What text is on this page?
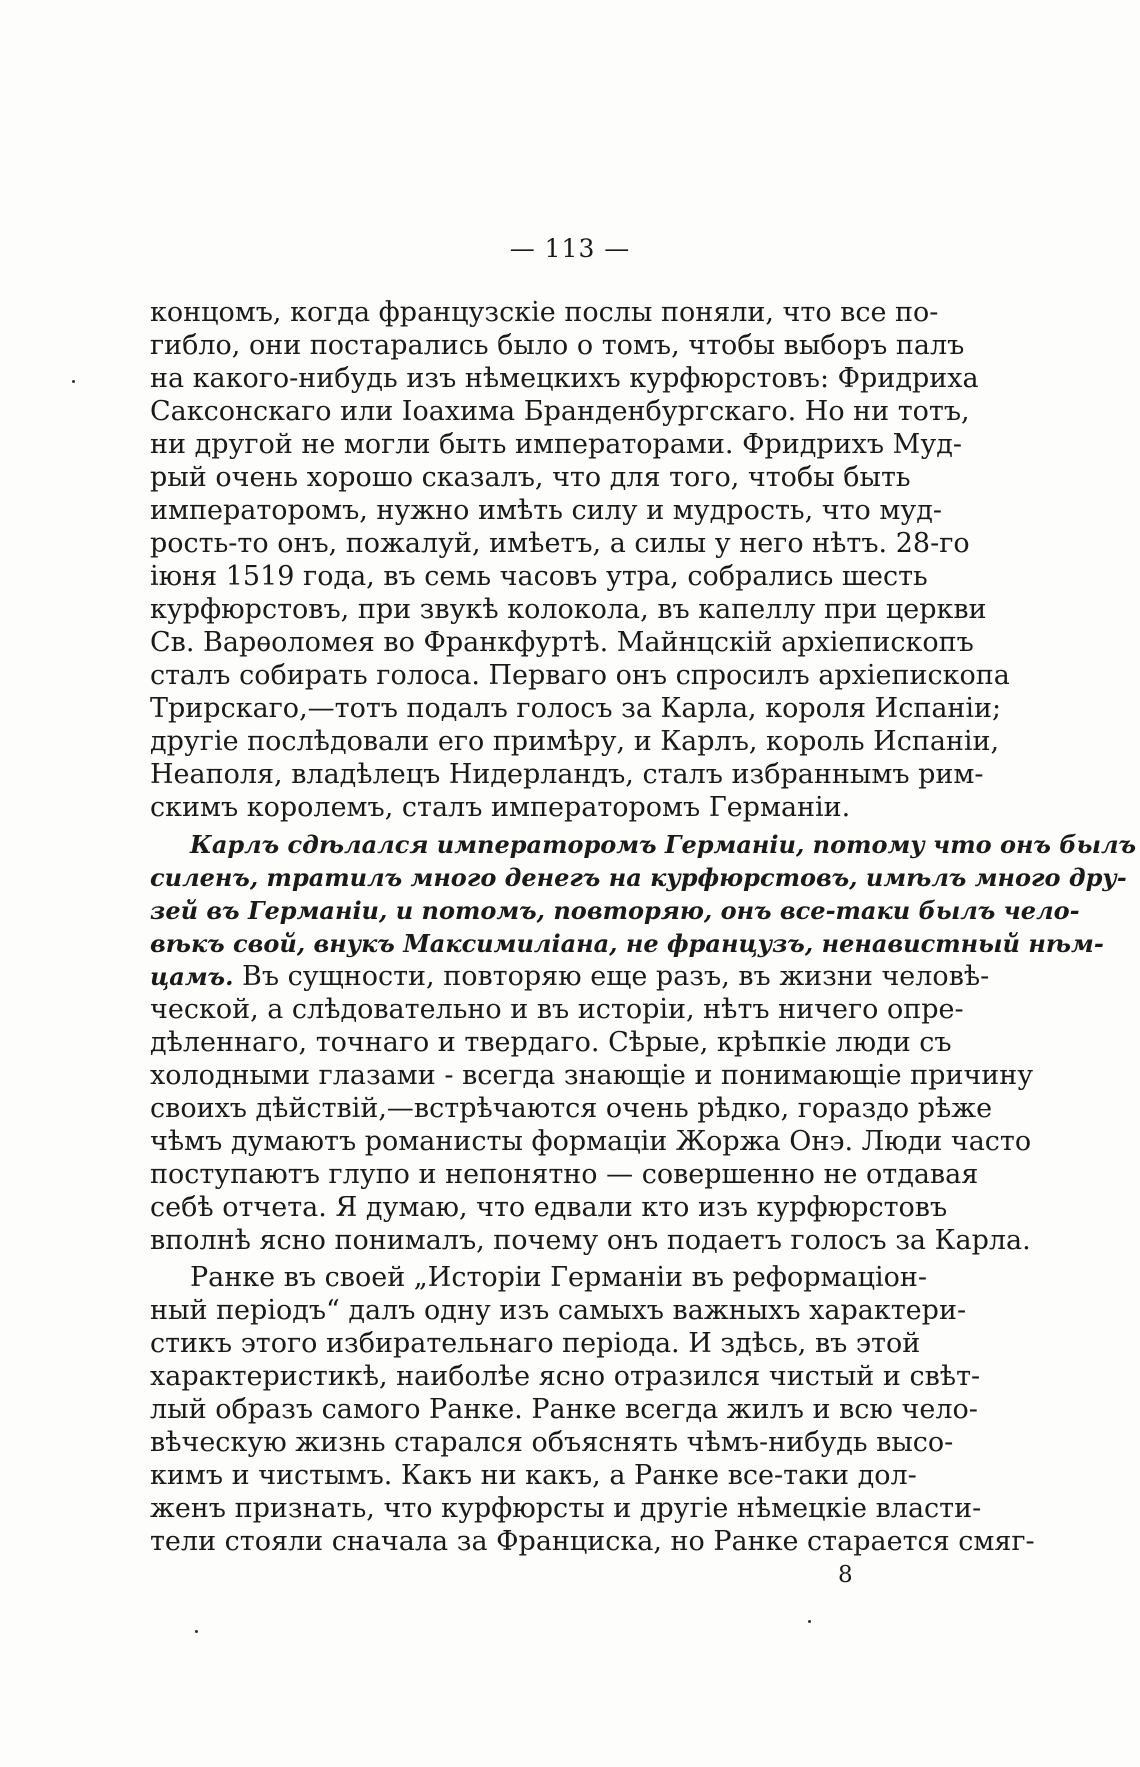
— 113 —
концомъ, когда французскіе послы поняли, что все по-
гибло, они постарались было о томъ, чтобы выборъ палъ
на какого-нибудь изъ нѣмецкихъ курфюрстовъ: Фридриха
Саксонскаго или Іоахима Бранденбургскаго. Но ни тотъ,
ни другой не могли быть императорами. Фридрихъ Муд-
рый очень хорошо сказалъ, что для того, чтобы быть
императоромъ, нужно имѣть силу и мудрость, что муд-
рость-то онъ, пожалуй, имѣетъ, а силы у него нѣтъ. 28-го
іюня 1519 года, въ семь часовъ утра, собрались шесть
курфюрстовъ, при звукѣ колокола, въ капеллу при церкви
Св. Варѳоломея во Франкфуртѣ. Майнцскій архіепископъ
сталъ собирать голоса. Перваго онъ спросилъ архіепископа
Трирскаго,—тотъ подалъ голосъ за Карла, короля Испаніи;
другіе послѣдовали его примѣру, и Карлъ, король Испаніи,
Неаполя, владѣлецъ Нидерландъ, сталъ избраннымъ рим-
скимъ королемъ, сталъ императоромъ Германіи.
Карлъ сдѣлался императоромъ Германіи, потому что онъ былъ
силенъ, тратилъ много денегъ на курфюрстовъ, имѣлъ много дру-
зей въ Германіи, и потомъ, повторяю, онъ все-таки былъ чело-
вѣкъ свой, внукъ Максимиліана, не французъ, ненавистный нѣм-
цамъ. Въ сущности, повторяю еще разъ, въ жизни человѣ-
ческой, а слѣдовательно и въ исторіи, нѣтъ ничего опре-
дѣленнаго, точнаго и твердаго. Сѣрые, крѣпкіе люди съ
холодными глазами - всегда знающіе и понимающіе причину
своихъ дѣйствій,—встрѣчаются очень рѣдко, гораздо рѣже
чѣмъ думаютъ романисты формаціи Жоржа Онэ. Люди часто
поступаютъ глупо и непонятно — совершенно не отдавая
себѣ отчета. Я думаю, что едвали кто изъ курфюрстовъ
вполнѣ ясно понималъ, почему онъ подаетъ голосъ за Карла.
Ранке въ своей „Исторіи Германіи въ реформаціон-
ный періодъ“ далъ одну изъ самыхъ важныхъ характери-
стикъ этого избирательнаго періода. И здѣсь, въ этой
характеристикѣ, наиболѣе ясно отразился чистый и свѣт-
лый образъ самого Ранке. Ранке всегда жилъ и всю чело-
вѣческую жизнь старался объяснять чѣмъ-нибудь высо-
кимъ и чистымъ. Какъ ни какъ, а Ранке все-таки дол-
женъ признать, что курфюрсты и другіе нѣмецкіе власти-
тели стояли сначала за Франциска, но Ранке старается смяг-
8
